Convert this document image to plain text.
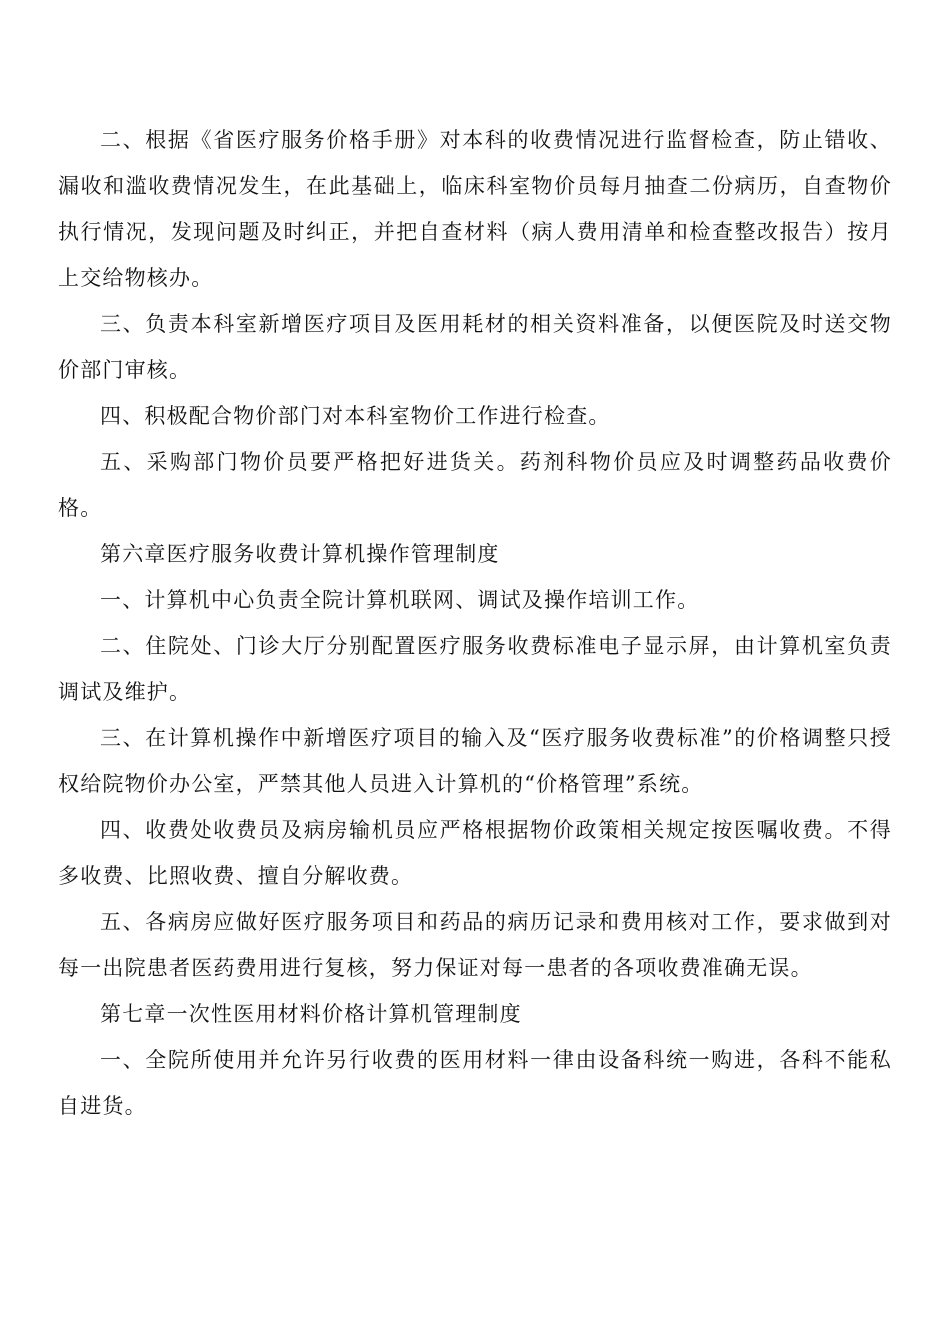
二、根据《省医疗服务价格手册》对本科的收费情况进行监督检查，防止错收、漏收和滥收费情况发生，在此基础上，临床科室物价员每月抽查二份病历，自查物价执行情况，发现问题及时纠正，并把自查材料（病人费用清单和检查整改报告）按月上交给物核办。

三、负责本科室新增医疗项目及医用耗材的相关资料准备，以便医院及时送交物价部门审核。

四、积极配合物价部门对本科室物价工作进行检查。

五、采购部门物价员要严格把好进货关。药剂科物价员应及时调整药品收费价格。

第六章医疗服务收费计算机操作管理制度

一、计算机中心负责全院计算机联网、调试及操作培训工作。

二、住院处、门诊大厅分别配置医疗服务收费标准电子显示屏，由计算机室负责调试及维护。

三、在计算机操作中新增医疗项目的输入及“医疗服务收费标准”的价格调整只授权给院物价办公室，严禁其他人员进入计算机的“价格管理”系统。

四、收费处收费员及病房输机员应严格根据物价政策相关规定按医嘱收费。不得多收费、比照收费、擅自分解收费。

五、各病房应做好医疗服务项目和药品的病历记录和费用核对工作，要求做到对每一出院患者医药费用进行复核，努力保证对每一患者的各项收费准确无误。

第七章一次性医用材料价格计算机管理制度

一、全院所使用并允许另行收费的医用材料一律由设备科统一购进，各科不能私自进货。
